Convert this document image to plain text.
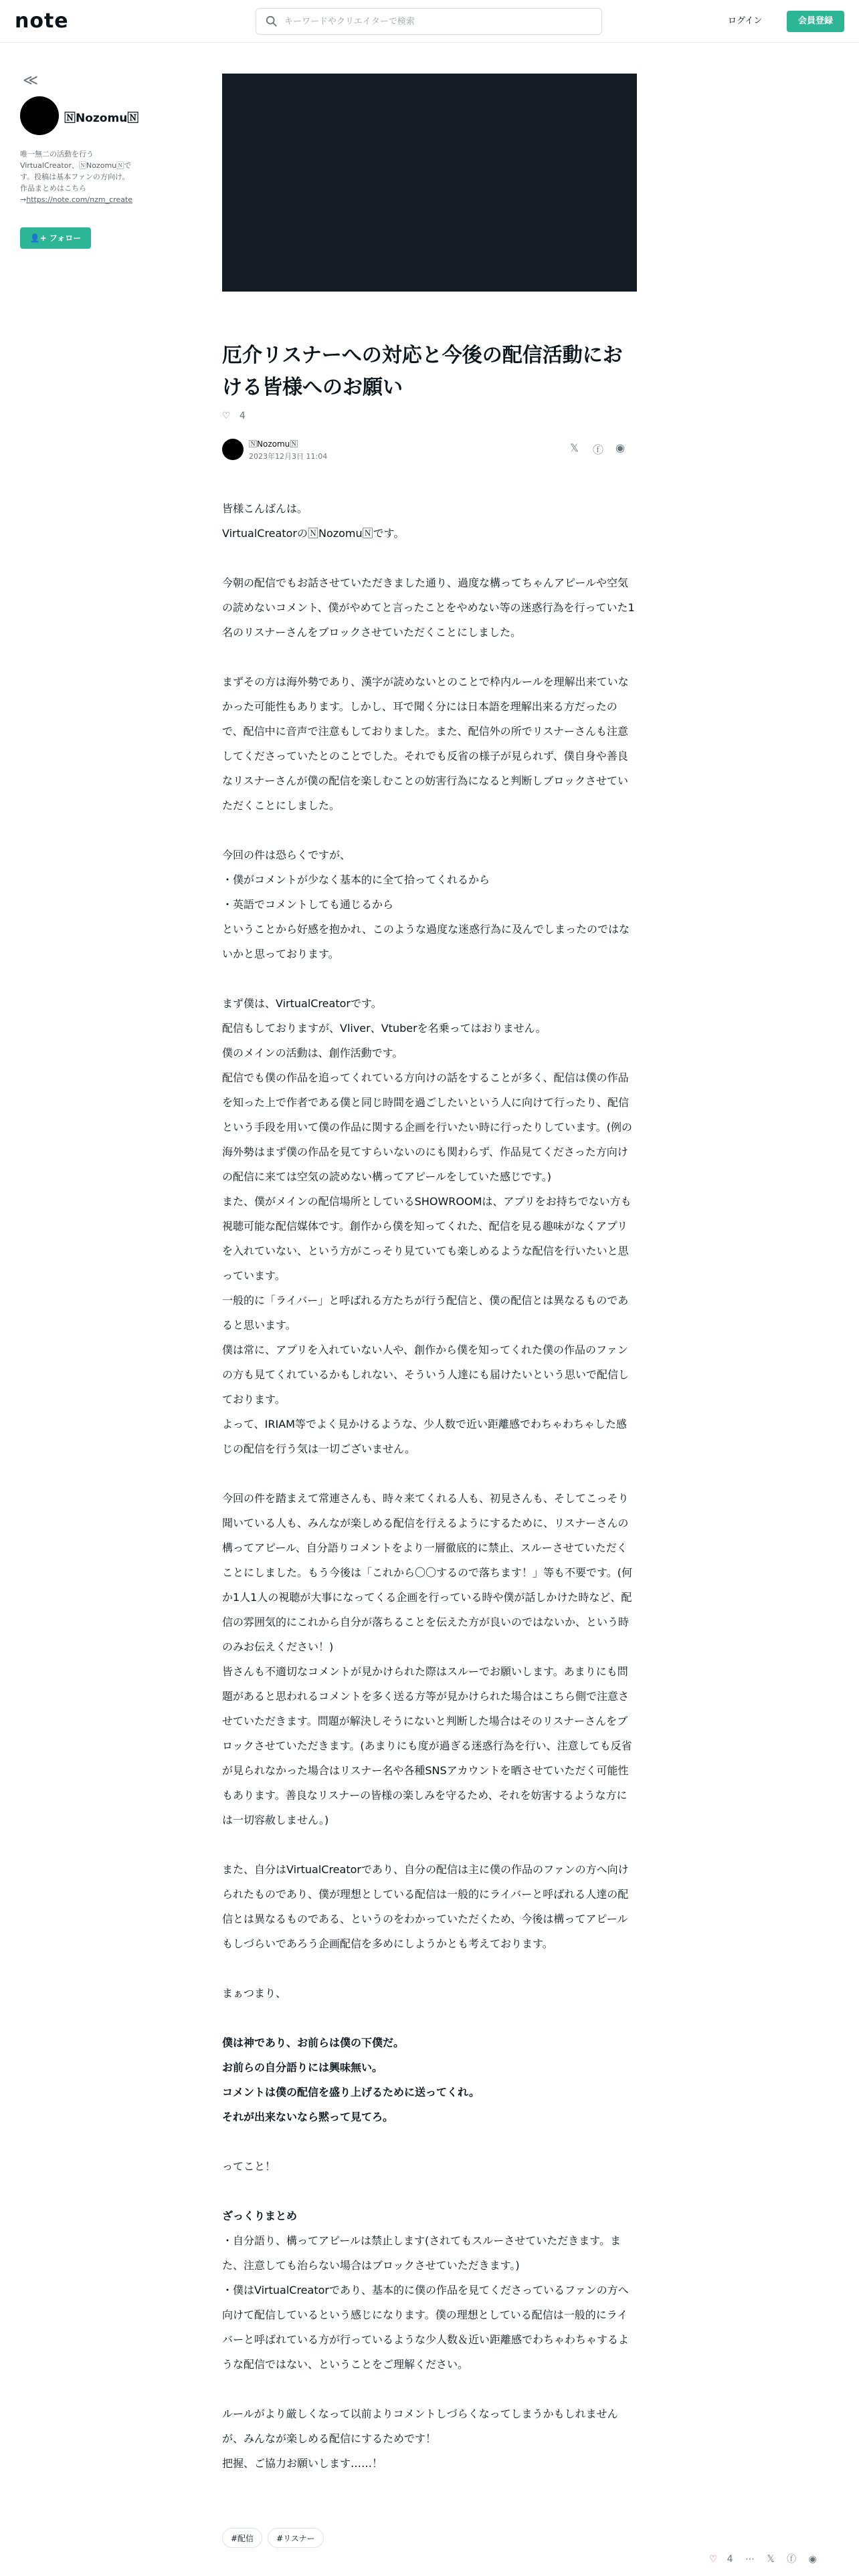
note
キーワードやクリエイターで検索	ログイン	会員登録
≪
🄽Nozomu🄽
唯一無二の活動を行う
VirtualCreator、🄽Nozomu🄽で
す。投稿は基本ファンの方向け。
作品まとめはこちら
→https://note.com/nzm_create
👤+ フォロー
厄介リスナーへの対応と今後の配信活動における皆様へのお願い
♡ 4
🄽Nozomu🄽
2023年12月3日 11:04
𝕏 ⓕ ◉

皆様こんばんは。
VirtualCreatorの🄽Nozomu🄽です。

今朝の配信でもお話させていただきました通り、過度な構ってちゃんアピールや空気の読めないコメント、僕がやめてと言ったことをやめない等の迷惑行為を行っていた1名のリスナーさんをブロックさせていただくことにしました。

まずその方は海外勢であり、漢字が読めないとのことで枠内ルールを理解出来ていなかった可能性もあります。しかし、耳で聞く分には日本語を理解出来る方だったので、配信中に音声で注意もしておりました。また、配信外の所でリスナーさんも注意してくださっていたとのことでした。それでも反省の様子が見られず、僕自身や善良なリスナーさんが僕の配信を楽しむことの妨害行為になると判断しブロックさせていただくことにしました。

今回の件は恐らくですが、
・僕がコメントが少なく基本的に全て拾ってくれるから
・英語でコメントしても通じるから
ということから好感を抱かれ、このような過度な迷惑行為に及んでしまったのではないかと思っております。

まず僕は、VirtualCreatorです。
配信もしておりますが、Vliver、Vtuberを名乗ってはおりません。
僕のメインの活動は、創作活動です。
配信でも僕の作品を追ってくれている方向けの話をすることが多く、配信は僕の作品を知った上で作者である僕と同じ時間を過ごしたいという人に向けて行ったり、配信という手段を用いて僕の作品に関する企画を行いたい時に行ったりしています。(例の海外勢はまず僕の作品を見てすらいないのにも関わらず、作品見てくださった方向けの配信に来ては空気の読めない構ってアピールをしていた感じです。)
また、僕がメインの配信場所としているSHOWROOMは、アプリをお持ちでない方も視聴可能な配信媒体です。創作から僕を知ってくれた、配信を見る趣味がなくアプリを入れていない、という方がこっそり見ていても楽しめるような配信を行いたいと思っています。
一般的に「ライバー」と呼ばれる方たちが行う配信と、僕の配信とは異なるものであると思います。
僕は常に、アプリを入れていない人や、創作から僕を知ってくれた僕の作品のファンの方も見てくれているかもしれない、そういう人達にも届けたいという思いで配信しております。
よって、IRIAM等でよく見かけるような、少人数で近い距離感でわちゃわちゃした感じの配信を行う気は一切ございません。

今回の件を踏まえて常連さんも、時々来てくれる人も、初見さんも、そしてこっそり聞いている人も、みんなが楽しめる配信を行えるようにするために、リスナーさんの構ってアピール、自分語りコメントをより一層徹底的に禁止、スルーさせていただくことにしました。もう今後は「これから〇〇するので落ちます！」等も不要です。(何か1人1人の視聴が大事になってくる企画を行っている時や僕が話しかけた時など、配信の雰囲気的にこれから自分が落ちることを伝えた方が良いのではないか、という時のみお伝えください！)
皆さんも不適切なコメントが見かけられた際はスルーでお願いします。あまりにも問題があると思われるコメントを多く送る方等が見かけられた場合はこちら側で注意させていただきます。問題が解決しそうにないと判断した場合はそのリスナーさんをブロックさせていただきます。(あまりにも度が過ぎる迷惑行為を行い、注意しても反省が見られなかった場合はリスナー名や各種SNSアカウントを晒させていただく可能性もあります。善良なリスナーの皆様の楽しみを守るため、それを妨害するような方には一切容赦しません。)

また、自分はVirtualCreatorであり、自分の配信は主に僕の作品のファンの方へ向けられたものであり、僕が理想としている配信は一般的にライバーと呼ばれる人達の配信とは異なるものである、というのをわかっていただくため、今後は構ってアピールもしづらいであろう企画配信を多めにしようかとも考えております。

まぁつまり、

僕は神であり、お前らは僕の下僕だ。
お前らの自分語りには興味無い。
コメントは僕の配信を盛り上げるために送ってくれ。
それが出来ないなら黙って見てろ。

ってこと！

ざっくりまとめ

・自分語り、構ってアピールは禁止します(されてもスルーさせていただきます。また、注意しても治らない場合はブロックさせていただきます。)
・僕はVirtualCreatorであり、基本的に僕の作品を見てくださっているファンの方へ向けて配信しているという感じになります。僕の理想としている配信は一般的にライバーと呼ばれている方が行っているような少人数＆近い距離感でわちゃわちゃするような配信ではない、ということをご理解ください。

ルールがより厳しくなって以前よりコメントしづらくなってしまうかもしれませんが、みんなが楽しめる配信にするためです！
把握、ご協力お願いします……！

#配信	#リスナー
♡ 4 ⋯ 𝕏 ⓕ ◉
